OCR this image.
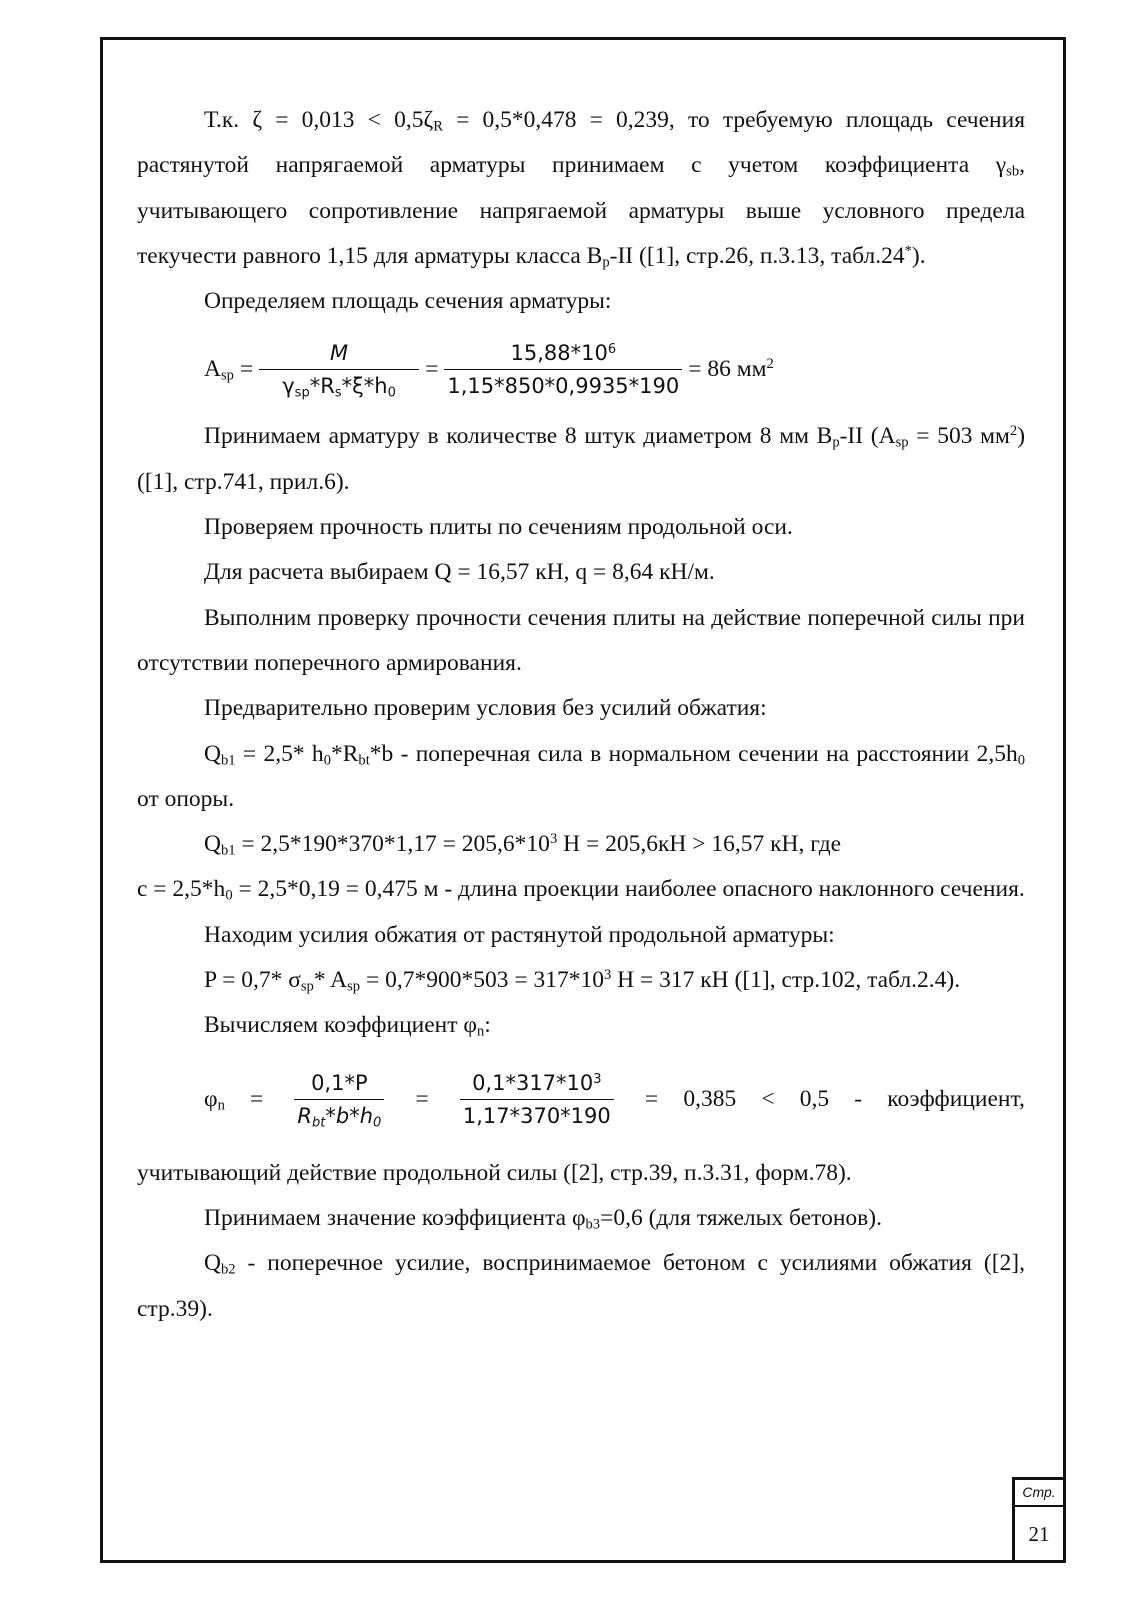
Стр.
21

Т.к. $\zeta = 0,013 < 0,5\zeta_R = 0,5*0,478 = 0,239$, то требуемую площадь сечения растянутой напрягаемой арматуры принимаем с учетом коэффициента $\gamma_{sb}$, учитывающего сопротивление напрягаемой арматуры выше условного предела текучести равного 1,15 для арматуры класса $B_p-II$ ([1], стр.26, п.3.13, табл.24*).

Определяем площадь сечения арматуры:

$A_{sp} = \frac{M}{\gamma_{sp}*R_s*\xi*h_0} = \frac{15,88*10^6}{1,15*850*0,9935*190} = 86$ $мм^2$

Принимаем арматуру в количестве 8 штук диаметром 8 мм $B_p-II$ ($A_{sp} = 503$ $мм^2$) ([1], стр.741, прил.6).

Проверяем прочность плиты по сечениям продольной оси.

Для расчета выбираем Q = 16,57 кН, q = 8,64 кН/м.

Выполним проверку прочности сечения плиты на действие поперечной силы при отсутствии поперечного армирования.

Предварительно проверим условия без усилий обжатия:

$Q_{b1} = 2,5*$ $h_0*R_{bt}*b$ - поперечная сила в нормальном сечении на расстоянии $2,5h_0$ от опоры.

$Q_{b1} = 2,5*190*370*1,17 = 205,6*10^3$ Н = 205,6кН > 16,57 кН, где

$с = 2,5*h_0 = 2,5*0,19 = 0,475$ м - длина проекции наиболее опасного наклонного сечения.

Находим усилия обжатия от растянутой продольной арматуры:

P = 0,7* $\sigma_{sp}*$ $A_{sp} = 0,7*900*503 = 317*10^3$ Н = 317 кН ([1], стр.102, табл.2.4).

Вычисляем коэффициент $\varphi_n$:

$\varphi_n = \frac{0,1*P}{R_{bt}*b*h_0} = \frac{0,1*317*10^3}{1,17*370*190} = 0,385 < 0,5$ - коэффициент,

учитывающий действие продольной силы ([2], стр.39, п.3.31, форм.78).

Принимаем значение коэффициента $\varphi_{b3}=0,6$ (для тяжелых бетонов).

$Q_{b2}$ - поперечное усилие, воспринимаемое бетоном с усилиями обжатия ([2], стр.39).
